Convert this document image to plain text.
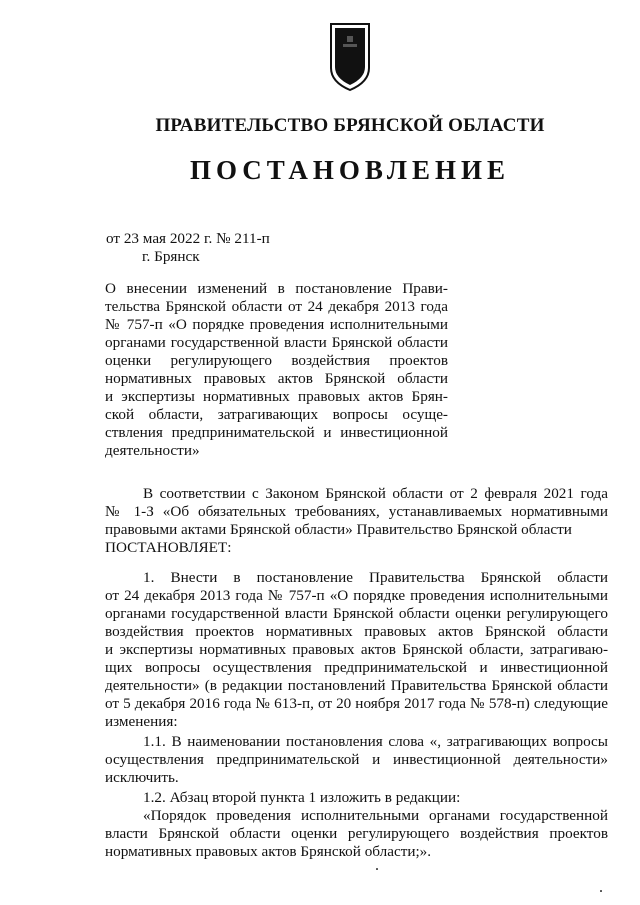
ПРАВИТЕЛЬСТВО БРЯНСКОЙ ОБЛАСТИ
ПОСТАНОВЛЕНИЕ
от 23 мая 2022 г. № 211-п
г. Брянск
О внесении изменений в постановление Прави-
тельства Брянской области от 24 декабря 2013 года
№ 757-п «О порядке проведения исполнительными
органами государственной власти Брянской области
оценки регулирующего воздействия проектов
нормативных правовых актов Брянской области
и экспертизы нормативных правовых актов Брян-
ской области, затрагивающих вопросы осуще-
ствления предпринимательской и инвестиционной
деятельности»
В соответствии с Законом Брянской области от 2 февраля 2021 года
№ 1-З «Об обязательных требованиях, устанавливаемых нормативными
правовыми актами Брянской области» Правительство Брянской области
ПОСТАНОВЛЯЕТ:
1. Внести в постановление Правительства Брянской области
от 24 декабря 2013 года № 757-п «О порядке проведения исполнительными
органами государственной власти Брянской области оценки регулирующего
воздействия проектов нормативных правовых актов Брянской области
и экспертизы нормативных правовых актов Брянской области, затрагиваю-
щих вопросы осуществления предпринимательской и инвестиционной
деятельности» (в редакции постановлений Правительства Брянской области
от 5 декабря 2016 года № 613-п, от 20 ноября 2017 года № 578-п) следующие
изменения:
1.1. В наименовании постановления слова «, затрагивающих вопросы
осуществления предпринимательской и инвестиционной деятельности»
исключить.
1.2. Абзац второй пункта 1 изложить в редакции:
«Порядок проведения исполнительными органами государственной
власти Брянской области оценки регулирующего воздействия проектов
нормативных правовых актов Брянской области;».
